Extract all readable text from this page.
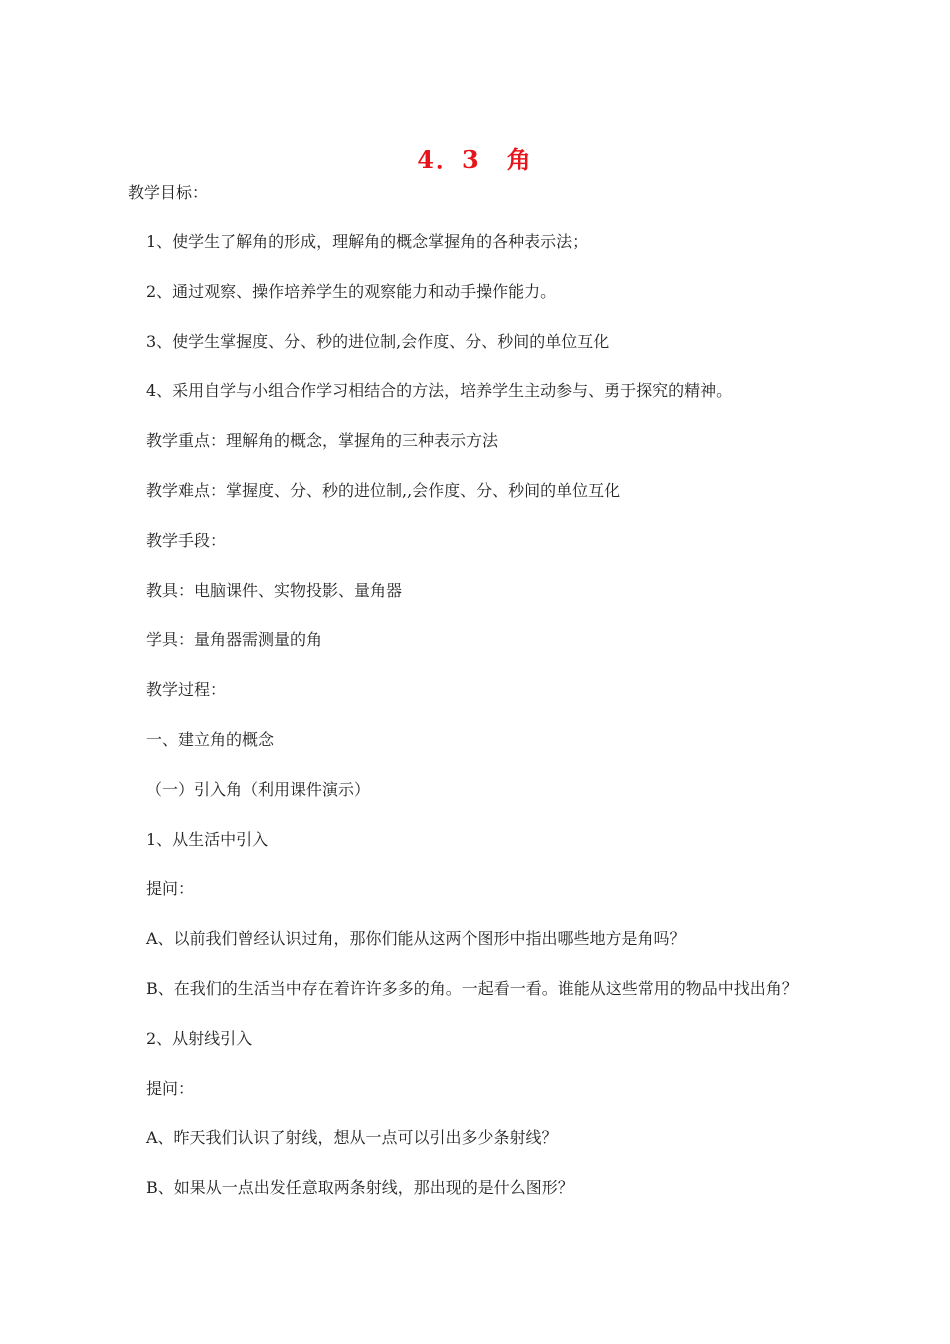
4．3　角

教学目标：

1、使学生了解角的形成，理解角的概念掌握角的各种表示法；

2、通过观察、操作培养学生的观察能力和动手操作能力。

3、使学生掌握度、分、秒的进位制,会作度、分、秒间的单位互化

4、采用自学与小组合作学习相结合的方法，培养学生主动参与、勇于探究的精神。

教学重点：理解角的概念，掌握角的三种表示方法

教学难点：掌握度、分、秒的进位制,,会作度、分、秒间的单位互化

教学手段：

教具：电脑课件、实物投影、量角器

学具：量角器需测量的角

教学过程：

一、建立角的概念

（一）引入角（利用课件演示）

1、从生活中引入

提问：

A、以前我们曾经认识过角，那你们能从这两个图形中指出哪些地方是角吗？

B、在我们的生活当中存在着许许多多的角。一起看一看。谁能从这些常用的物品中找出角？

2、从射线引入

提问：

A、昨天我们认识了射线，想从一点可以引出多少条射线？

B、如果从一点出发任意取两条射线，那出现的是什么图形？
